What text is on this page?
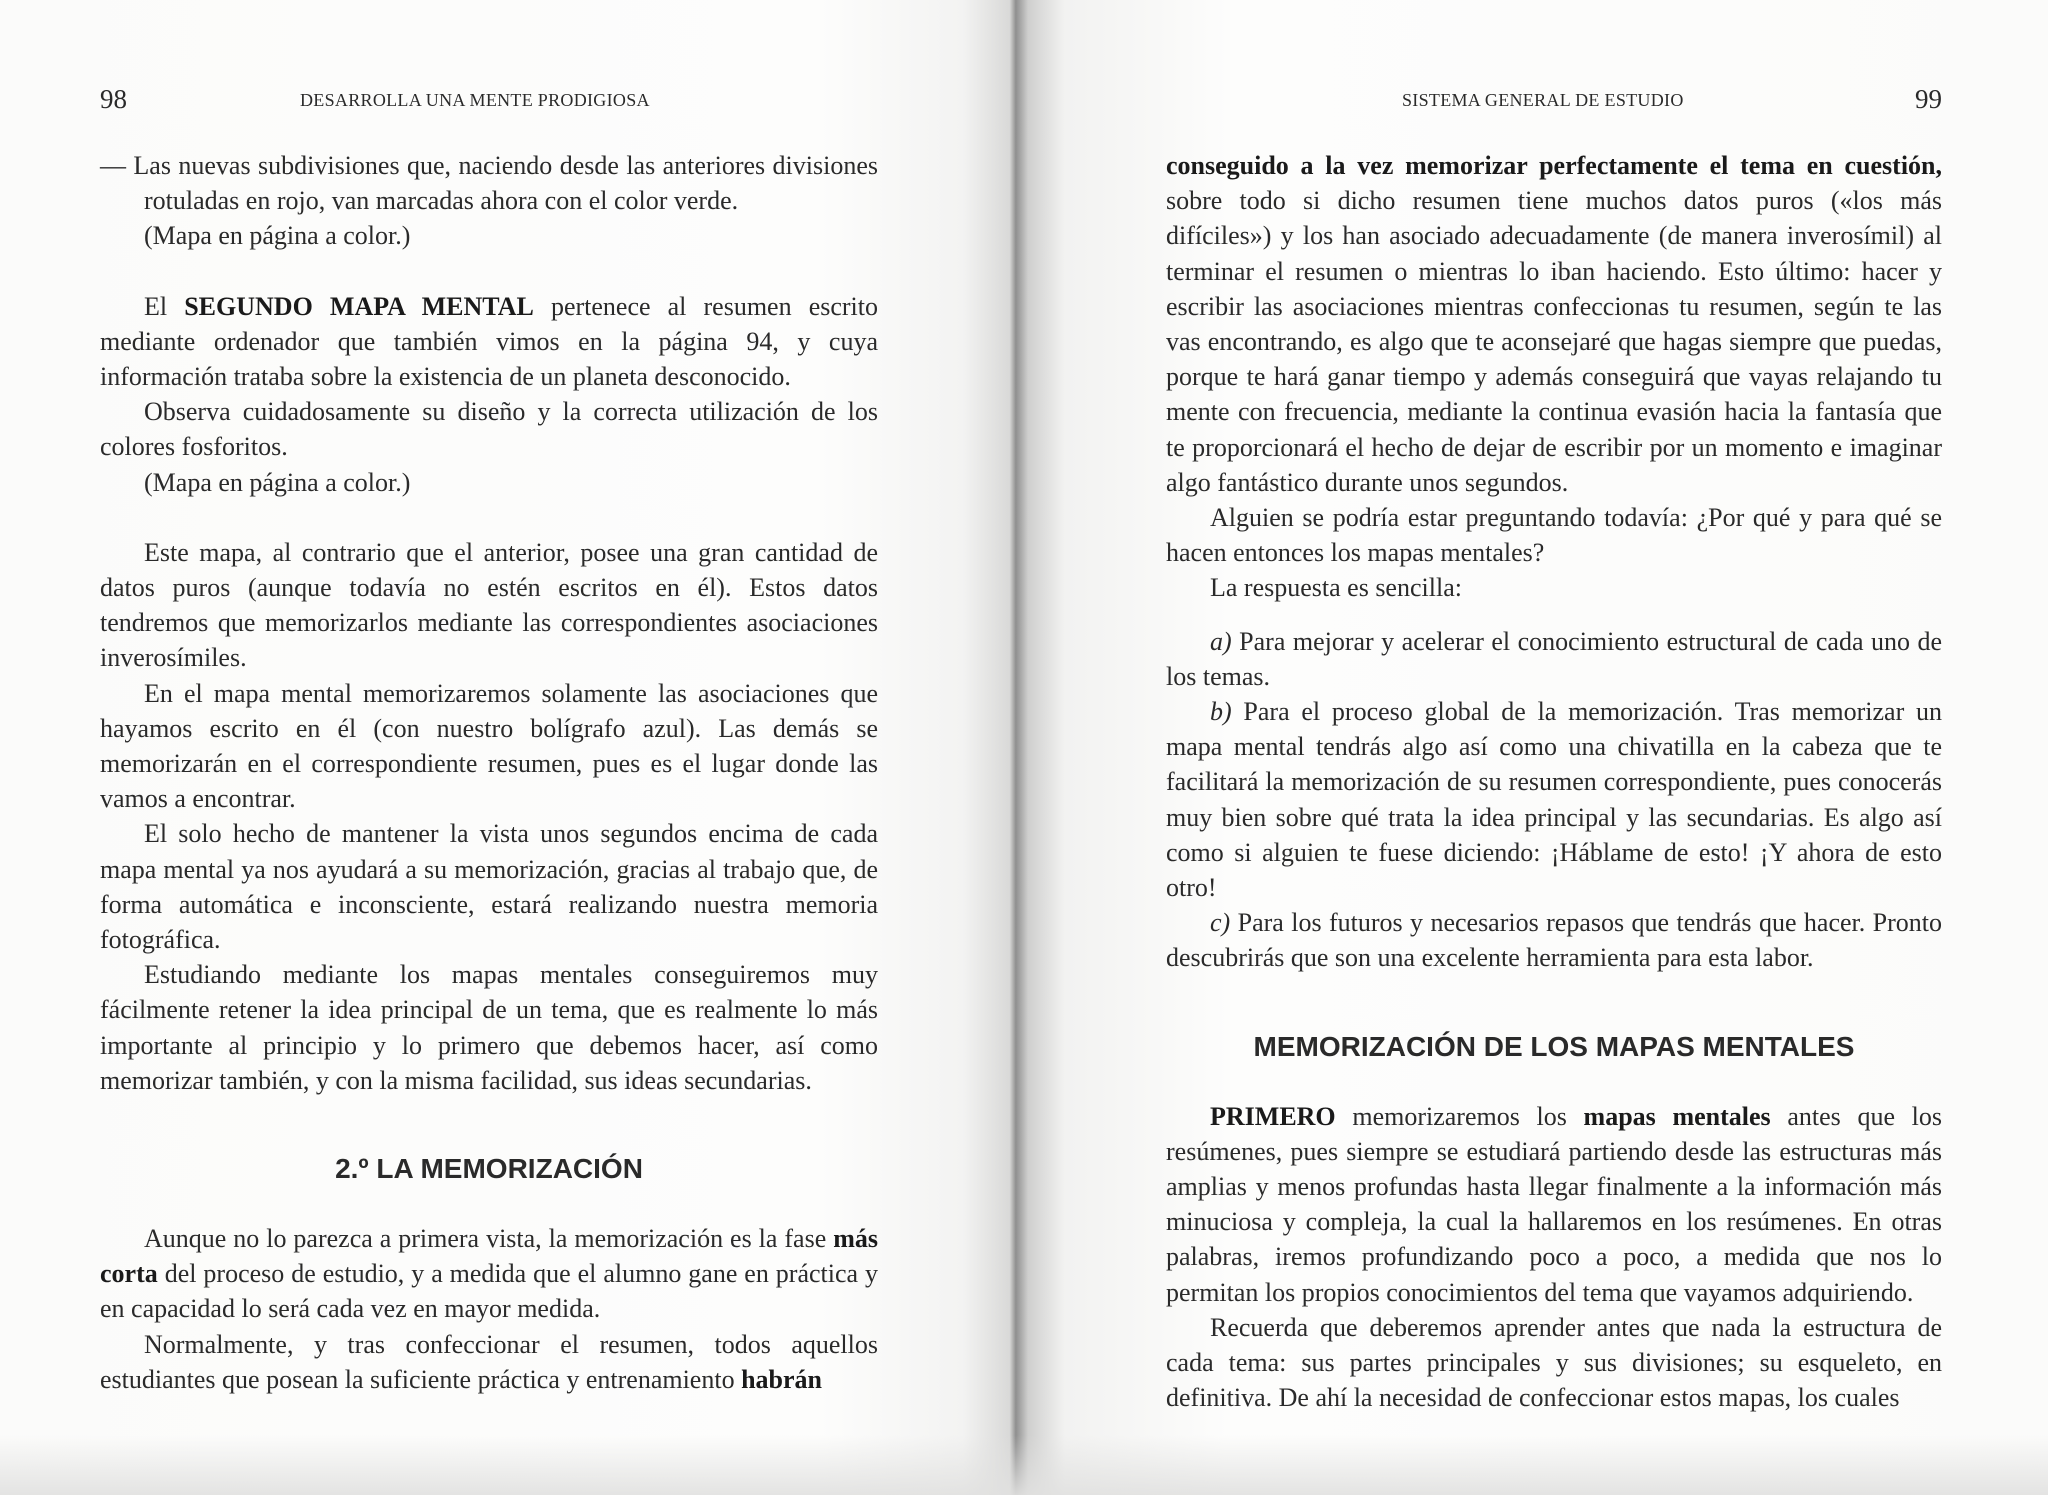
98	DESARROLLA UNA MENTE PRODIGIOSA

— Las nuevas subdivisiones que, naciendo desde las anteriores divisiones rotuladas en rojo, van marcadas ahora con el color verde.

(Mapa en página a color.)

El SEGUNDO MAPA MENTAL pertenece al resumen escrito mediante ordenador que también vimos en la página 94, y cuya información trataba sobre la existencia de un planeta desconocido.

Observa cuidadosamente su diseño y la correcta utilización de los colores fosforitos.

(Mapa en página a color.)

Este mapa, al contrario que el anterior, posee una gran cantidad de datos puros (aunque todavía no estén escritos en él). Estos datos tendremos que memorizarlos mediante las correspondientes asociaciones inverosímiles.

En el mapa mental memorizaremos solamente las asociaciones que hayamos escrito en él (con nuestro bolígrafo azul). Las demás se memorizarán en el correspondiente resumen, pues es el lugar donde las vamos a encontrar.

El solo hecho de mantener la vista unos segundos encima de cada mapa mental ya nos ayudará a su memorización, gracias al trabajo que, de forma automática e inconsciente, estará realizando nuestra memoria fotográfica.

Estudiando mediante los mapas mentales conseguiremos muy fácilmente retener la idea principal de un tema, que es realmente lo más importante al principio y lo primero que debemos hacer, así como memorizar también, y con la misma facilidad, sus ideas secundarias.

2.º LA MEMORIZACIÓN

Aunque no lo parezca a primera vista, la memorización es la fase más corta del proceso de estudio, y a medida que el alumno gane en práctica y en capacidad lo será cada vez en mayor medida.

Normalmente, y tras confeccionar el resumen, todos aquellos estudiantes que posean la suficiente práctica y entrenamiento habrán

SISTEMA GENERAL DE ESTUDIO	99

conseguido a la vez memorizar perfectamente el tema en cuestión, sobre todo si dicho resumen tiene muchos datos puros («los más difíciles») y los han asociado adecuadamente (de manera inverosímil) al terminar el resumen o mientras lo iban haciendo. Esto último: hacer y escribir las asociaciones mientras confeccionas tu resumen, según te las vas encontrando, es algo que te aconsejaré que hagas siempre que puedas, porque te hará ganar tiempo y además conseguirá que vayas relajando tu mente con frecuencia, mediante la continua evasión hacia la fantasía que te proporcionará el hecho de dejar de escribir por un momento e imaginar algo fantástico durante unos segundos.

Alguien se podría estar preguntando todavía: ¿Por qué y para qué se hacen entonces los mapas mentales?

La respuesta es sencilla:

a) Para mejorar y acelerar el conocimiento estructural de cada uno de los temas.

b) Para el proceso global de la memorización. Tras memorizar un mapa mental tendrás algo así como una chivatilla en la cabeza que te facilitará la memorización de su resumen correspondiente, pues conocerás muy bien sobre qué trata la idea principal y las secundarias. Es algo así como si alguien te fuese diciendo: ¡Háblame de esto! ¡Y ahora de esto otro!

c) Para los futuros y necesarios repasos que tendrás que hacer. Pronto descubrirás que son una excelente herramienta para esta labor.

MEMORIZACIÓN DE LOS MAPAS MENTALES

PRIMERO memorizaremos los mapas mentales antes que los resúmenes, pues siempre se estudiará partiendo desde las estructuras más amplias y menos profundas hasta llegar finalmente a la información más minuciosa y compleja, la cual la hallaremos en los resúmenes. En otras palabras, iremos profundizando poco a poco, a medida que nos lo permitan los propios conocimientos del tema que vayamos adquiriendo.

Recuerda que deberemos aprender antes que nada la estructura de cada tema: sus partes principales y sus divisiones; su esqueleto, en definitiva. De ahí la necesidad de confeccionar estos mapas, los cuales
